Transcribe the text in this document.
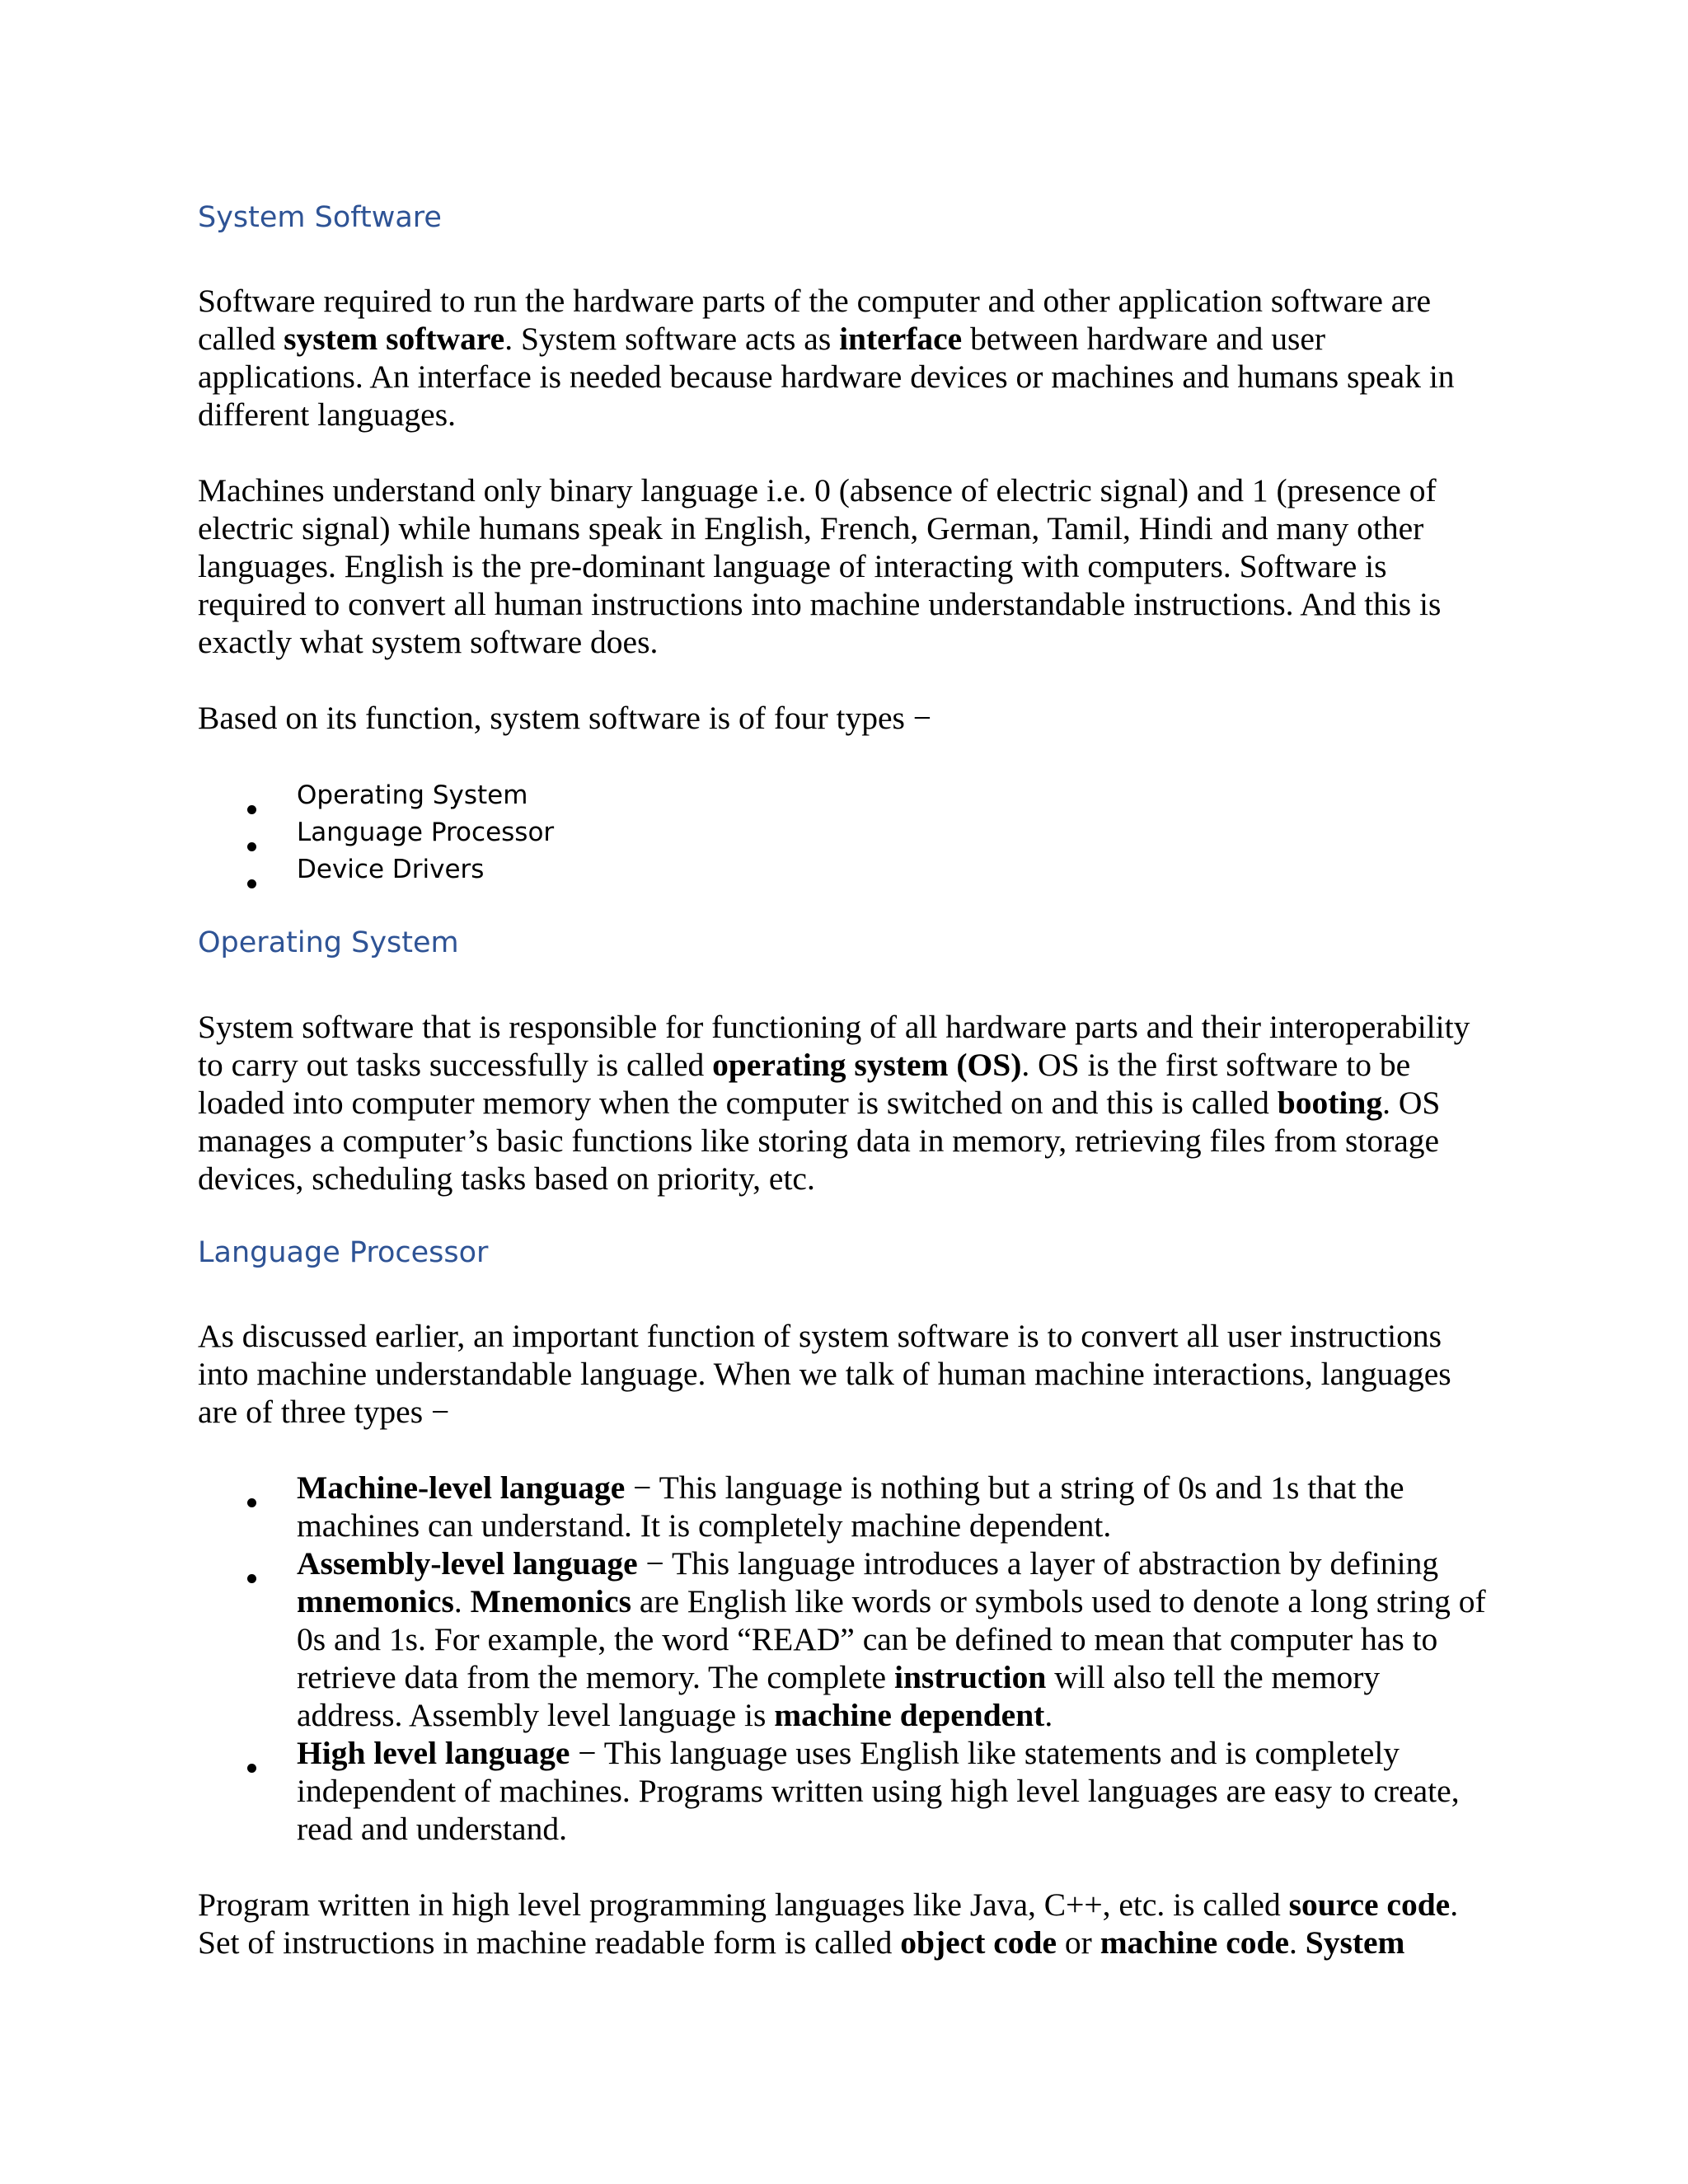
System Software

Software required to run the hardware parts of the computer and other application software are called system software. System software acts as interface between hardware and user applications. An interface is needed because hardware devices or machines and humans speak in different languages.

Machines understand only binary language i.e. 0 (absence of electric signal) and 1 (presence of electric signal) while humans speak in English, French, German, Tamil, Hindi and many other languages. English is the pre-dominant language of interacting with computers. Software is required to convert all human instructions into machine understandable instructions. And this is exactly what system software does.

Based on its function, system software is of four types −

Operating System
Language Processor
Device Drivers
Operating System

System software that is responsible for functioning of all hardware parts and their interoperability to carry out tasks successfully is called operating system (OS). OS is the first software to be loaded into computer memory when the computer is switched on and this is called booting. OS manages a computer’s basic functions like storing data in memory, retrieving files from storage devices, scheduling tasks based on priority, etc.

Language Processor

As discussed earlier, an important function of system software is to convert all user instructions into machine understandable language. When we talk of human machine interactions, languages are of three types −

Machine-level language − This language is nothing but a string of 0s and 1s that the machines can understand. It is completely machine dependent.
Assembly-level language − This language introduces a layer of abstraction by defining mnemonics. Mnemonics are English like words or symbols used to denote a long string of 0s and 1s. For example, the word “READ” can be defined to mean that computer has to retrieve data from the memory. The complete instruction will also tell the memory address. Assembly level language is machine dependent.
High level language − This language uses English like statements and is completely independent of machines. Programs written using high level languages are easy to create, read and understand.

Program written in high level programming languages like Java, C++, etc. is called source code. Set of instructions in machine readable form is called object code or machine code. System
